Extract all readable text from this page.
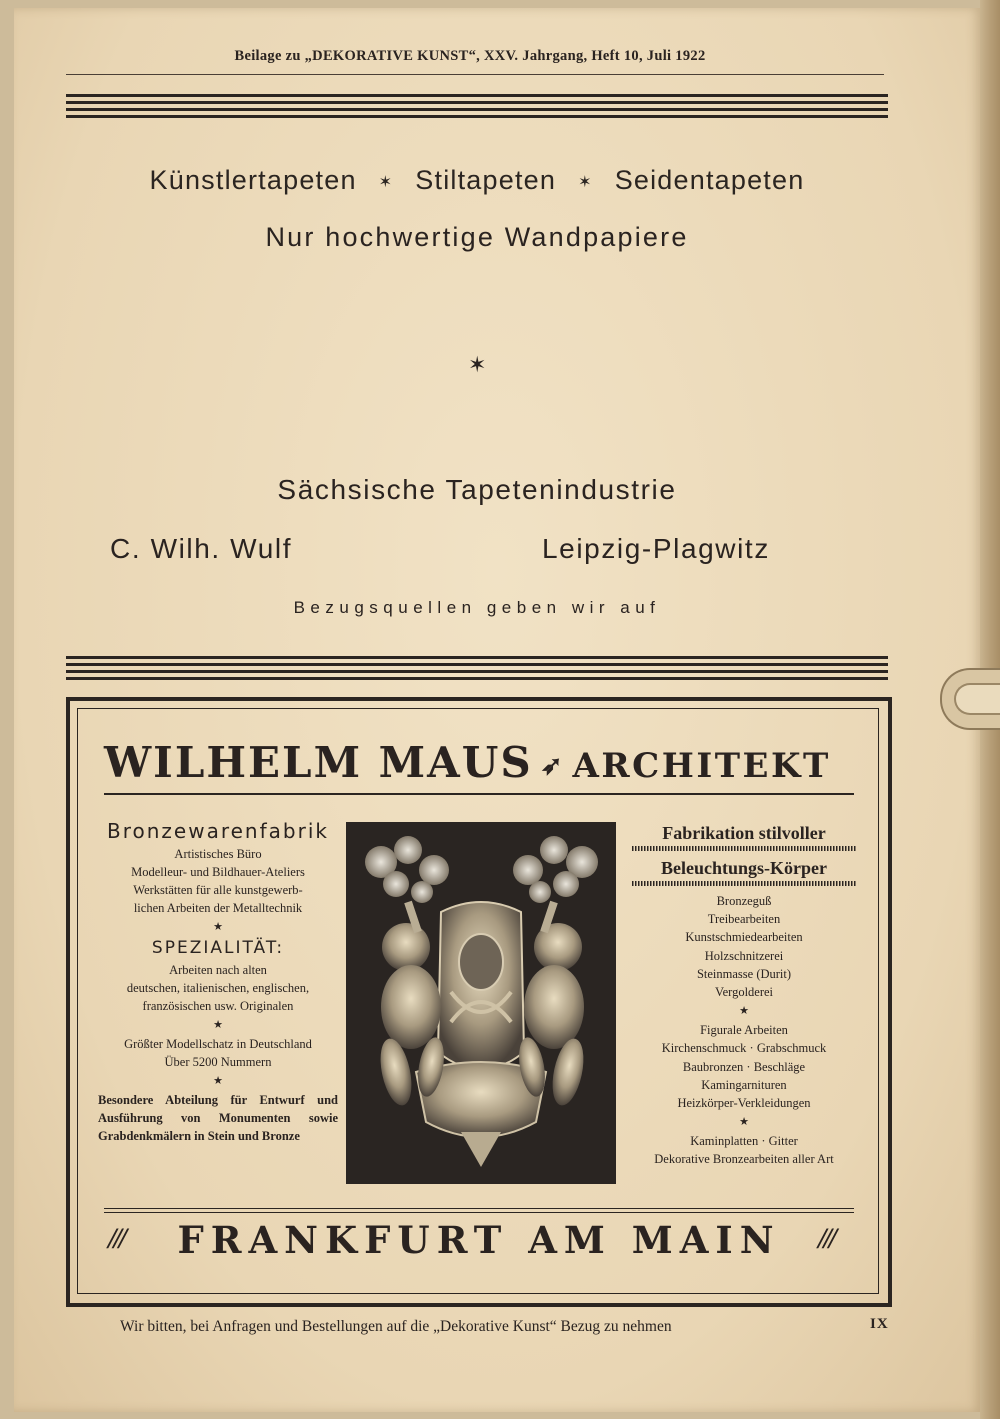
Beilage zu „DEKORATIVE KUNST“, XXV. Jahrgang, Heft 10, Juli 1922
Künstlertapeten ✶ Stiltapeten ✶ Seidentapeten
Nur hochwertige Wandpapiere
✶
Sächsische Tapetenindustrie
C. Wilh. Wulf	Leipzig-Plagwitz
Bezugsquellen geben wir auf
WILHELM MAUS ➶ ARCHITEKT
Bronzewarenfabrik
Artistisches Büro
Modelleur- und Bildhauer-Ateliers
Werkstätten für alle kunstgewerb-
lichen Arbeiten der Metalltechnik
★
SPEZIALITÄT:
Arbeiten nach alten
deutschen, italienischen, englischen,
französischen usw. Originalen
★
Größter Modellschatz in Deutschland
Über 5200 Nummern
★
Besondere Abteilung für Entwurf und Ausführung von Monumenten sowie Grabdenkmälern in Stein und Bronze
Fabrikation stilvoller
Beleuchtungs-Körper
Bronzeguß
Treibearbeiten
Kunstschmiedearbeiten
Holzschnitzerei
Steinmasse (Durit)
Vergolderei
★
Figurale Arbeiten
Kirchenschmuck · Grabschmuck
Baubronzen · Beschläge
Kamingarnituren
Heizkörper-Verkleidungen
★
Kaminplatten · Gitter
Dekorative Bronzearbeiten aller Art
///	FRANKFURT AM MAIN	///
Wir bitten, bei Anfragen und Bestellungen auf die „Dekorative Kunst“ Bezug zu nehmen	IX
